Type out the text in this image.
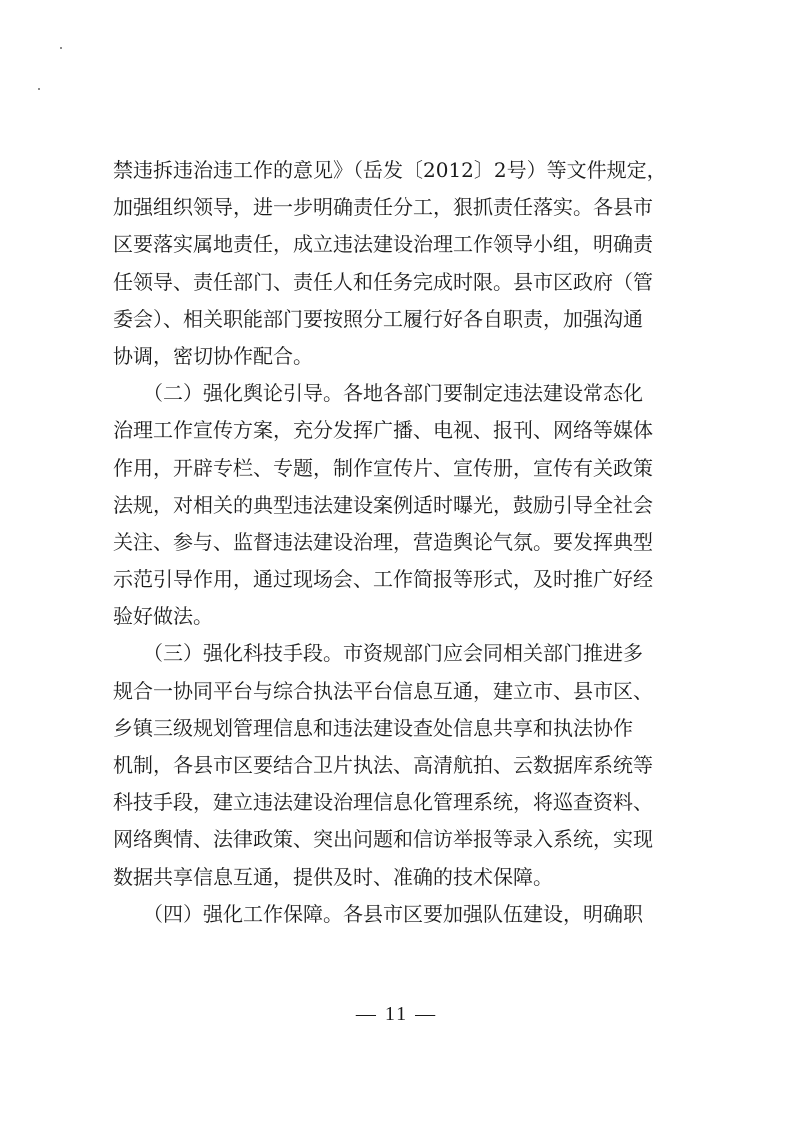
禁违拆违治违工作的意见》（岳发〔2012〕2号）等文件规定，
加强组织领导，进一步明确责任分工，狠抓责任落实。各县市
区要落实属地责任，成立违法建设治理工作领导小组，明确责
任领导、责任部门、责任人和任务完成时限。县市区政府（管
委会）、相关职能部门要按照分工履行好各自职责，加强沟通
协调，密切协作配合。
　　（二）强化舆论引导。各地各部门要制定违法建设常态化
治理工作宣传方案，充分发挥广播、电视、报刊、网络等媒体
作用，开辟专栏、专题，制作宣传片、宣传册，宣传有关政策
法规，对相关的典型违法建设案例适时曝光，鼓励引导全社会
关注、参与、监督违法建设治理，营造舆论气氛。要发挥典型
示范引导作用，通过现场会、工作简报等形式，及时推广好经
验好做法。
　　（三）强化科技手段。市资规部门应会同相关部门推进多
规合一协同平台与综合执法平台信息互通，建立市、县市区、
乡镇三级规划管理信息和违法建设查处信息共享和执法协作
机制，各县市区要结合卫片执法、高清航拍、云数据库系统等
科技手段，建立违法建设治理信息化管理系统，将巡查资料、
网络舆情、法律政策、突出问题和信访举报等录入系统，实现
数据共享信息互通，提供及时、准确的技术保障。
　　（四）强化工作保障。各县市区要加强队伍建设，明确职
— 11 —
